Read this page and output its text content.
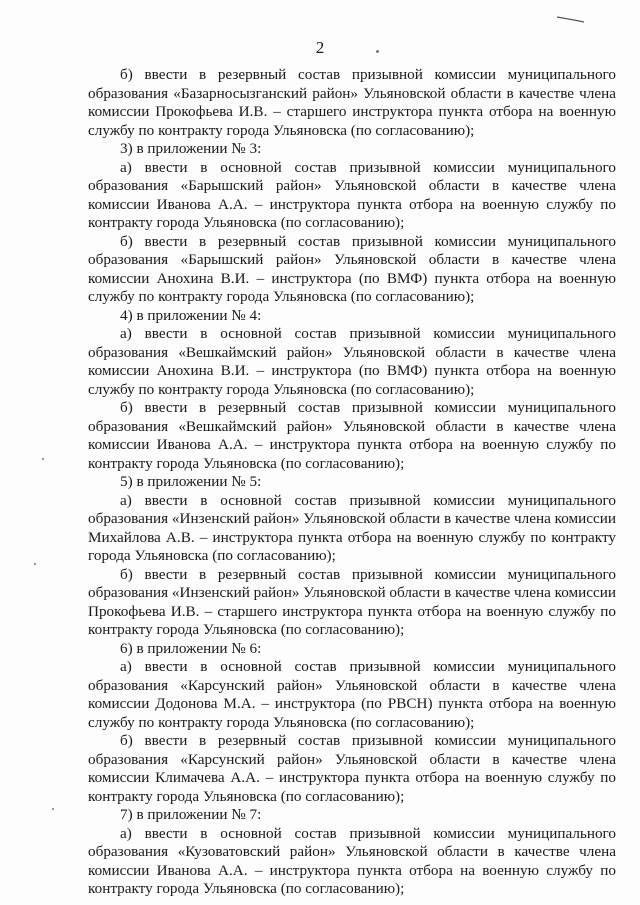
2

б) ввести в резервный состав призывной комиссии муниципального образования «Базарносызганский район» Ульяновской области в качестве члена комиссии Прокофьева И.В. – старшего инструктора пункта отбора на военную службу по контракту города Ульяновска (по согласованию);

3) в приложении № 3:

а) ввести в основной состав призывной комиссии муниципального образования «Барышский район» Ульяновской области в качестве члена комиссии Иванова А.А. – инструктора пункта отбора на военную службу по контракту города Ульяновска (по согласованию);

б) ввести в резервный состав призывной комиссии муниципального образования «Барышский район» Ульяновской области в качестве члена комиссии Анохина В.И. – инструктора (по ВМФ) пункта отбора на военную службу по контракту города Ульяновска (по согласованию);

4) в приложении № 4:

а) ввести в основной состав призывной комиссии муниципального образования «Вешкаймский район» Ульяновской области в качестве члена комиссии Анохина В.И. – инструктора (по ВМФ) пункта отбора на военную службу по контракту города Ульяновска (по согласованию);

б) ввести в резервный состав призывной комиссии муниципального образования «Вешкаймский район» Ульяновской области в качестве члена комиссии Иванова А.А. – инструктора пункта отбора на военную службу по контракту города Ульяновска (по согласованию);

5) в приложении № 5:

а) ввести в основной состав призывной комиссии муниципального образования «Инзенский район» Ульяновской области в качестве члена комиссии Михайлова А.В. – инструктора пункта отбора на военную службу по контракту города Ульяновска (по согласованию);

б) ввести в резервный состав призывной комиссии муниципального образования «Инзенский район» Ульяновской области в качестве члена комиссии Прокофьева И.В. – старшего инструктора пункта отбора на военную службу по контракту города Ульяновска (по согласованию);

6) в приложении № 6:

а) ввести в основной состав призывной комиссии муниципального образования «Карсунский район» Ульяновской области в качестве члена комиссии Додонова М.А. – инструктора (по РВСН) пункта отбора на военную службу по контракту города Ульяновска (по согласованию);

б) ввести в резервный состав призывной комиссии муниципального образования «Карсунский район» Ульяновской области в качестве члена комиссии Климачева А.А. – инструктора пункта отбора на военную службу по контракту города Ульяновска (по согласованию);

7) в приложении № 7:

а) ввести в основной состав призывной комиссии муниципального образования «Кузоватовский район» Ульяновской области в качестве члена комиссии Иванова А.А. – инструктора пункта отбора на военную службу по контракту города Ульяновска (по согласованию);
